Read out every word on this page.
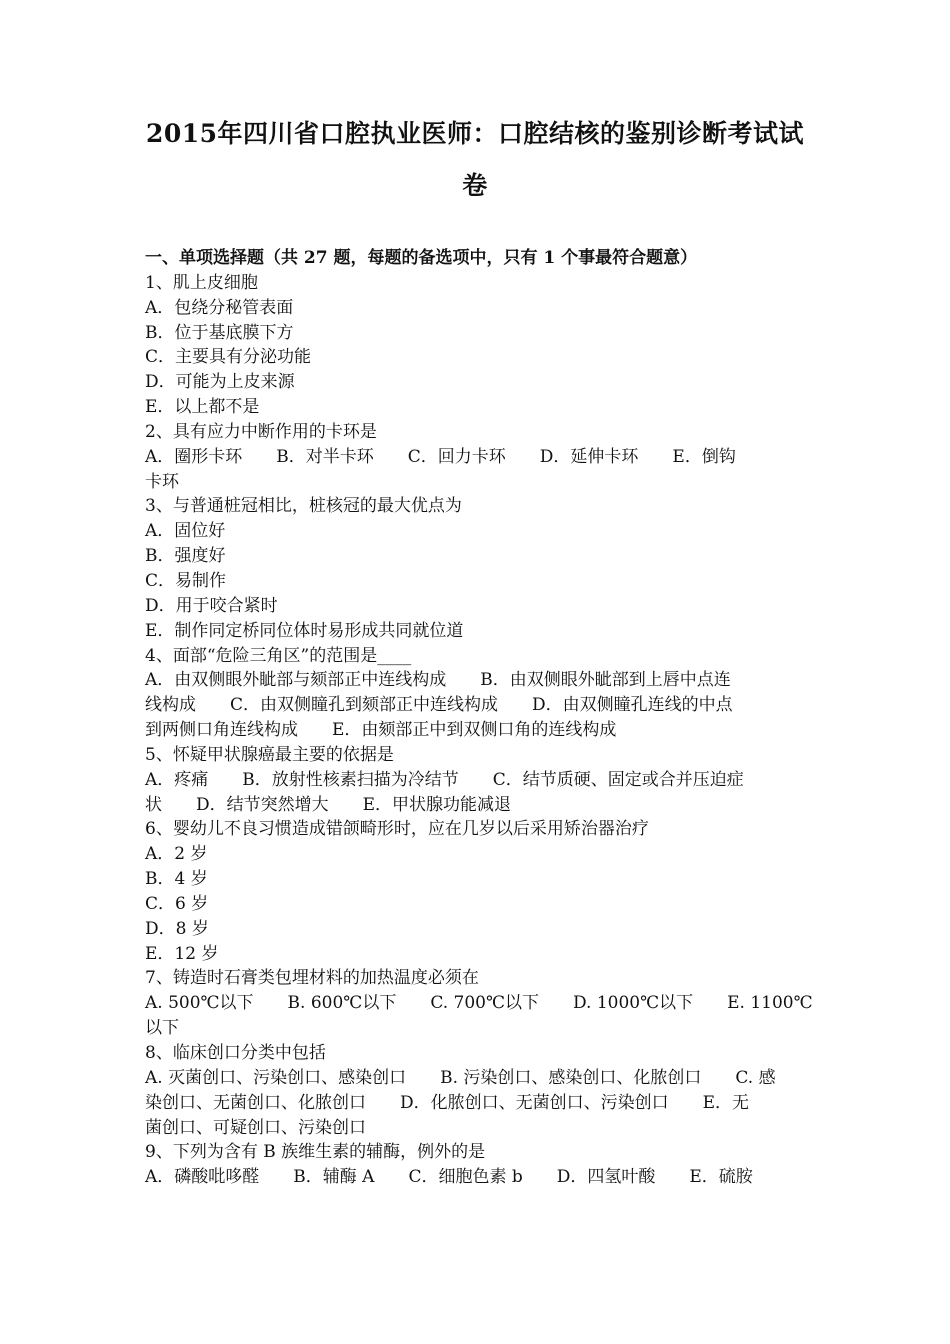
2015年四川省口腔执业医师：口腔结核的鉴别诊断考试试
卷
一、单项选择题（共 27 题，每题的备选项中，只有 1 个事最符合题意）
1、肌上皮细胞
A．包绕分秘管表面
B．位于基底膜下方
C．主要具有分泌功能
D．可能为上皮来源
E．以上都不是
2、具有应力中断作用的卡环是
A．圈形卡环　　B．对半卡环　　C．回力卡环　　D．延伸卡环　　E．倒钩
卡环
3、与普通桩冠相比，桩核冠的最大优点为
A．固位好
B．强度好
C．易制作
D．用于咬合紧时
E．制作同定桥同位体时易形成共同就位道
4、面部“危险三角区”的范围是____
A．由双侧眼外眦部与颏部正中连线构成　　B．由双侧眼外眦部到上唇中点连
线构成　　C．由双侧瞳孔到颏部正中连线构成　　D．由双侧瞳孔连线的中点
到两侧口角连线构成　　E．由颏部正中到双侧口角的连线构成
5、怀疑甲状腺癌最主要的依据是
A．疼痛　　B．放射性核素扫描为冷结节　　C．结节质硬、固定或合并压迫症
状　　D．结节突然增大　　E．甲状腺功能减退
6、婴幼儿不良习惯造成错颌畸形时，应在几岁以后采用矫治器治疗
A．2 岁
B．4 岁
C．6 岁
D．8 岁
E．12 岁
7、铸造时石膏类包埋材料的加热温度必须在
A. 500℃以下　　B. 600℃以下　　C. 700℃以下　　D. 1000℃以下　　E. 1100℃
以下
8、临床创口分类中包括
A. 灭菌创口、污染创口、感染创口　　B. 污染创口、感染创口、化脓创口　　C. 感
染创口、无菌创口、化脓创口　　D．化脓创口、无菌创口、污染创口　　E．无
菌创口、可疑创口、污染创口
9、下列为含有 B 族维生素的辅酶，例外的是
A．磷酸吡哆醛　　B．辅酶 A　　C．细胞色素 b　　D．四氢叶酸　　E．硫胺
